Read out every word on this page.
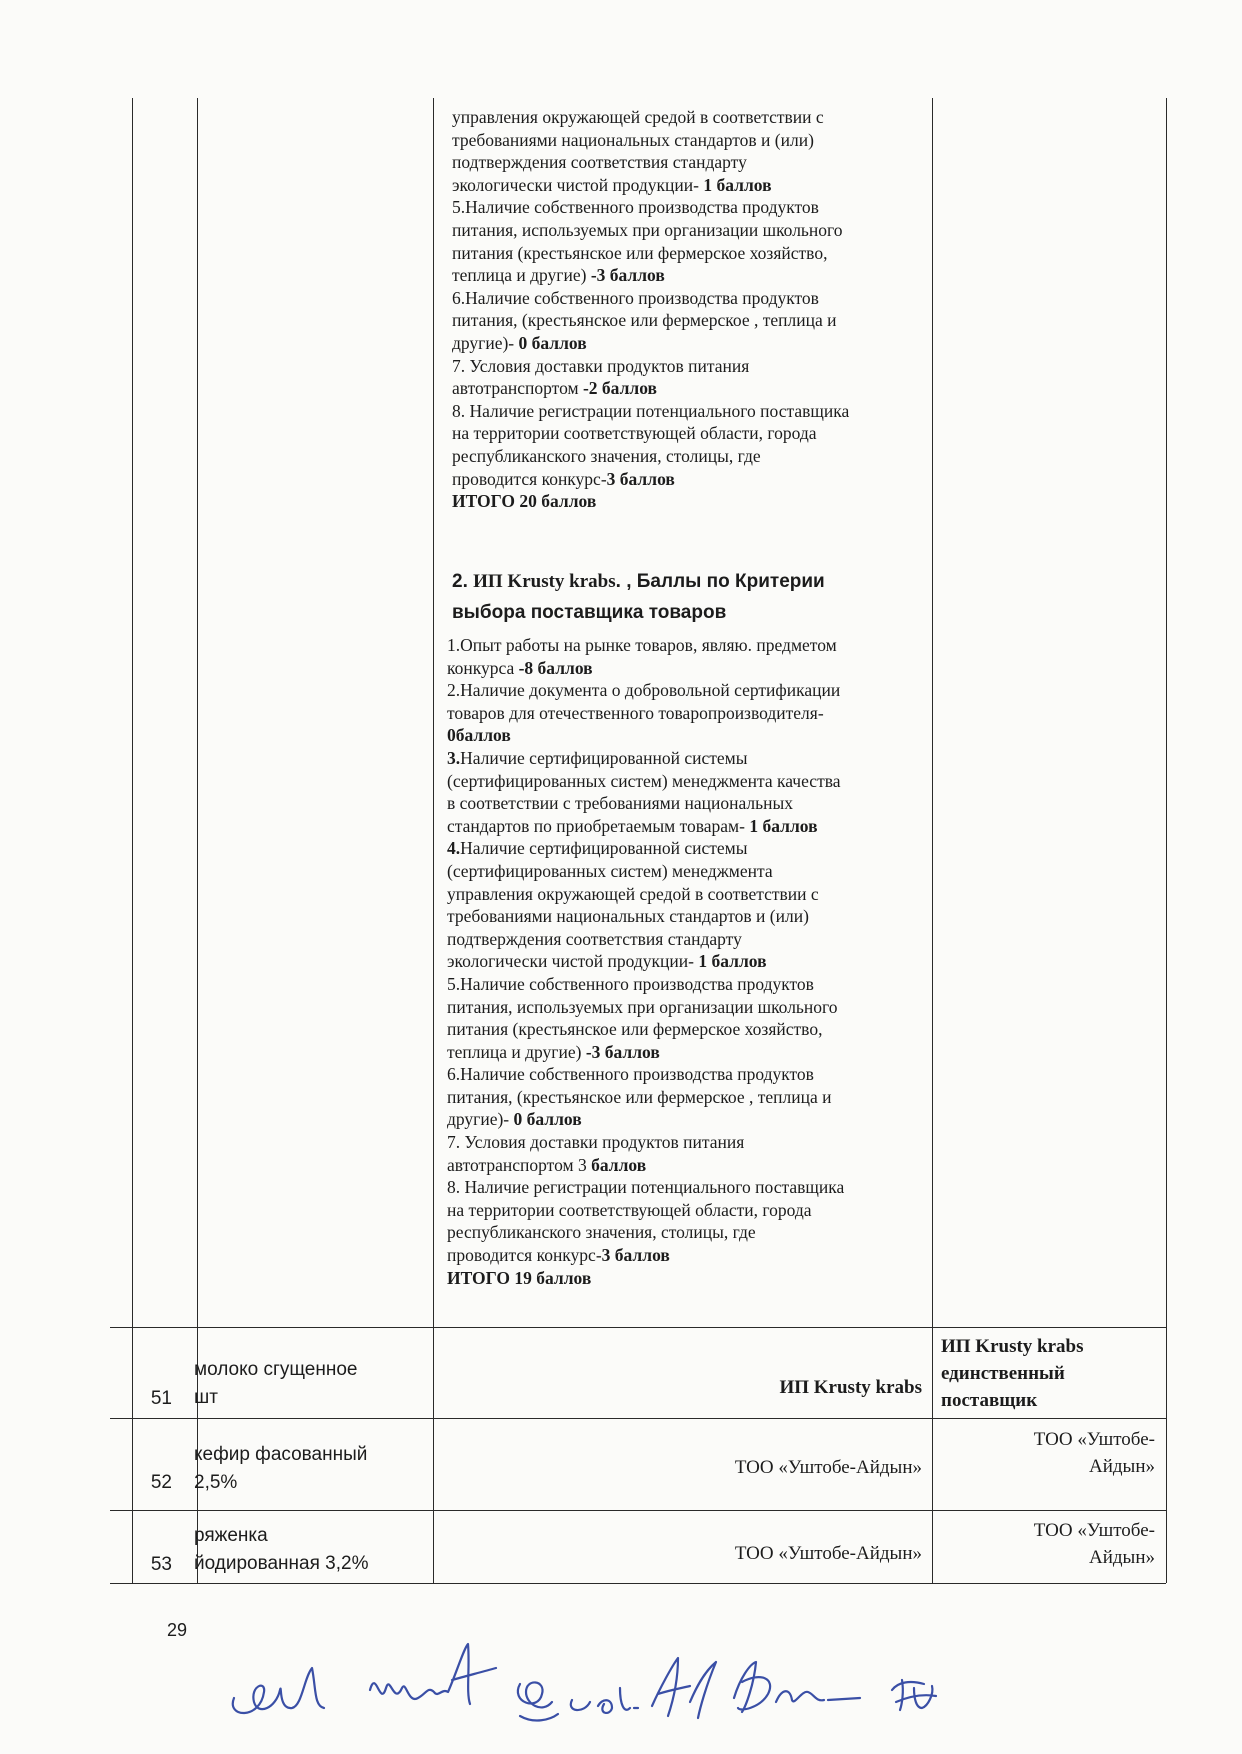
управления окружающей средой в соответствии с
требованиями национальных стандартов и (или)
подтверждения соответствия стандарту
экологически чистой продукции- 1 баллов
5.Наличие собственного производства продуктов
питания, используемых при организации школьного
питания (крестьянское или фермерское хозяйство,
теплица и другие) -3 баллов
6.Наличие собственного производства продуктов
питания, (крестьянское или фермерское , теплица и
другие)- 0 баллов
7. Условия доставки продуктов питания
автотранспортом -2 баллов
8. Наличие регистрации потенциального поставщика
на территории соответствующей области, города
республиканского значения, столицы, где
проводится конкурс-3 баллов
ИТОГО 20 баллов
2. ИП Krusty krabs. , Баллы по Критерии
выбора поставщика товаров
1.Опыт работы на рынке товаров, являю. предметом
конкурса -8 баллов
2.Наличие документа о добровольной сертификации
товаров для отечественного товаропроизводителя-
0баллов
3.Наличие сертифицированной системы
(сертифицированных систем) менеджмента качества
в соответствии с требованиями национальных
стандартов по приобретаемым товарам- 1 баллов
4.Наличие сертифицированной системы
(сертифицированных систем) менеджмента
управления окружающей средой в соответствии с
требованиями национальных стандартов и (или)
подтверждения соответствия стандарту
экологически чистой продукции- 1 баллов
5.Наличие собственного производства продуктов
питания, используемых при организации школьного
питания (крестьянское или фермерское хозяйство,
теплица и другие) -3 баллов
6.Наличие собственного производства продуктов
питания, (крестьянское или фермерское , теплица и
другие)- 0 баллов
7. Условия доставки продуктов питания
автотранспортом 3 баллов
8. Наличие регистрации потенциального поставщика
на территории соответствующей области, города
республиканского значения, столицы, где
проводится конкурс-3 баллов
ИТОГО 19 баллов
51
молоко сгущенное
шт	ИП Krusty krabs
ИП Krusty krabs
единственный
поставщик
52
кефир фасованный
2,5%
ТОО «Уштобе-Айдын»
ТОО «Уштобе-
Айдын»
53
ряженка
йодированная 3,2%	ТОО «Уштобе-Айдын»
ТОО «Уштобе-
Айдын»
29
